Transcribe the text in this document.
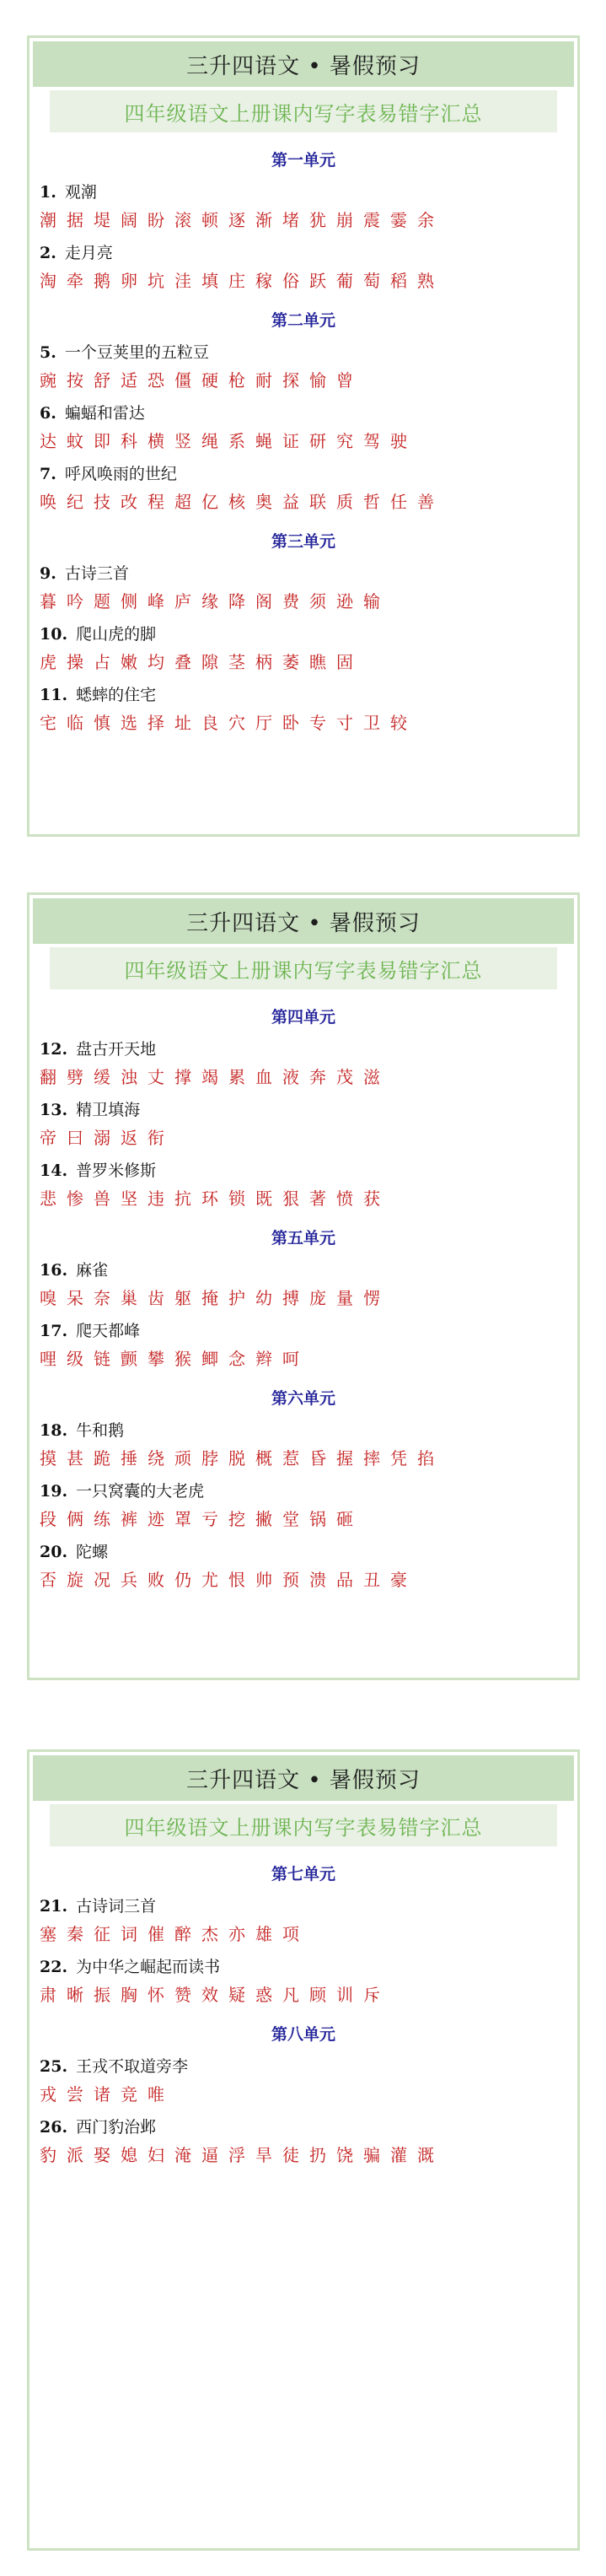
三升四语文 • 暑假预习
四年级语文上册课内写字表易错字汇总
第一单元
1. 观潮
潮 据 堤 阔 盼 滚 顿 逐 渐 堵 犹 崩 震 霎 余
2. 走月亮
淘 牵 鹅 卵 坑 洼 填 庄 稼 俗 跃 葡 萄 稻 熟
第二单元
5. 一个豆荚里的五粒豆
豌 按 舒 适 恐 僵 硬 枪 耐 探 愉 曾
6. 蝙蝠和雷达
达 蚊 即 科 横 竖 绳 系 蝇 证 研 究 驾 驶
7. 呼风唤雨的世纪
唤 纪 技 改 程 超 亿 核 奥 益 联 质 哲 任 善
第三单元
9. 古诗三首
暮 吟 题 侧 峰 庐 缘 降 阁 费 须 逊 输
10. 爬山虎的脚
虎 操 占 嫩 均 叠 隙 茎 柄 萎 瞧 固
11. 蟋蟀的住宅
宅 临 慎 选 择 址 良 穴 厅 卧 专 寸 卫 较
三升四语文 • 暑假预习
四年级语文上册课内写字表易错字汇总
第四单元
12. 盘古开天地
翻 劈 缓 浊 丈 撑 竭 累 血 液 奔 茂 滋
13. 精卫填海
帝 曰 溺 返 衔
14. 普罗米修斯
悲 惨 兽 坚 违 抗 环 锁 既 狠 著 愤 获
第五单元
16. 麻雀
嗅 呆 奈 巢 齿 躯 掩 护 幼 搏 庞 量 愣
17. 爬天都峰
哩 级 链 颤 攀 猴 鲫 念 辫 呵
第六单元
18. 牛和鹅
摸 甚 跪 捶 绕 顽 脖 脱 概 惹 昏 握 摔 凭 掐
19. 一只窝囊的大老虎
段 俩 练 裤 迹 罩 亏 挖 撇 堂 锅 砸
20. 陀螺
否 旋 况 兵 败 仍 尤 恨 帅 预 溃 品 丑 豪
三升四语文 • 暑假预习
四年级语文上册课内写字表易错字汇总
第七单元
21. 古诗词三首
塞 秦 征 词 催 醉 杰 亦 雄 项
22. 为中华之崛起而读书
肃 晰 振 胸 怀 赞 效 疑 惑 凡 顾 训 斥
第八单元
25. 王戎不取道旁李
戎 尝 诸 竞 唯
26. 西门豹治邺
豹 派 娶 媳 妇 淹 逼 浮 旱 徒 扔 饶 骗 灌 溉
